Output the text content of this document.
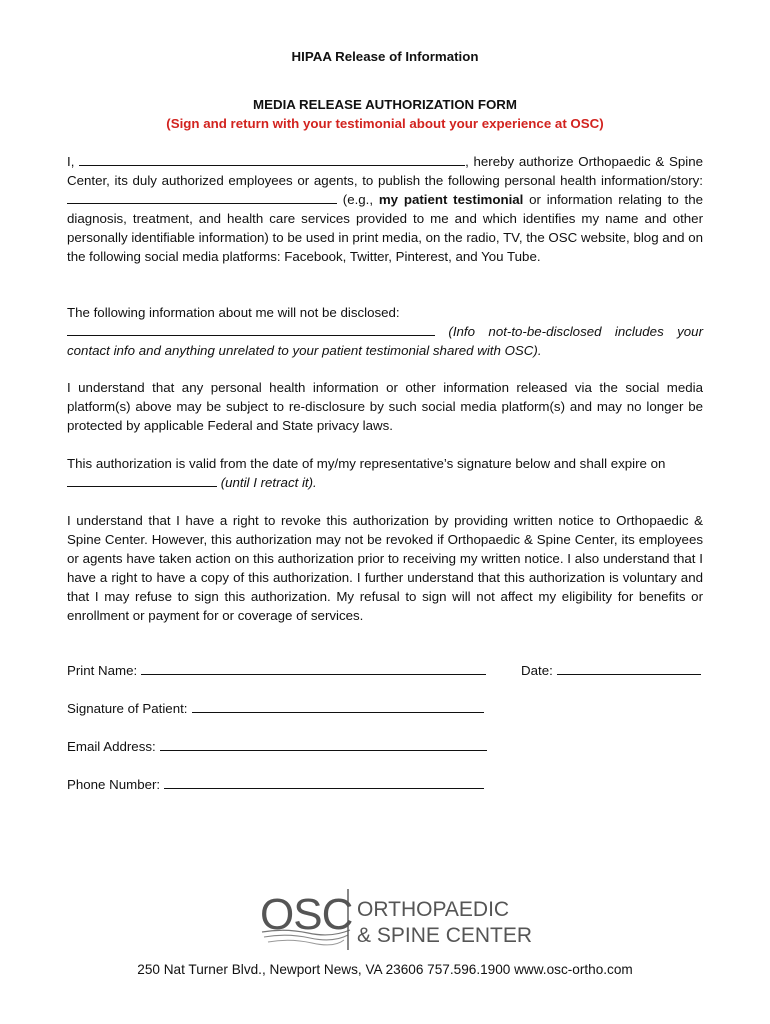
HIPAA Release of Information
MEDIA RELEASE AUTHORIZATION FORM
(Sign and return with your testimonial about your experience at OSC)

I,	, hereby authorize Orthopaedic & Spine Center, its duly authorized employees or agents, to publish the following personal health information/story: (e.g., my patient testimonial or information relating to the diagnosis, treatment, and health care services provided to me and which identifies my name and other personally identifiable information) to be used in print media, on the radio, TV, the OSC website, blog and on the following social media platforms: Facebook, Twitter, Pinterest, and You Tube.

The following information about me will not be disclosed:
(Info not-to-be-disclosed includes your contact info and anything unrelated to your patient testimonial shared with OSC).

I understand that any personal health information or other information released via the social media platform(s) above may be subject to re-disclosure by such social media platform(s) and may no longer be protected by applicable Federal and State privacy laws.

This authorization is valid from the date of my/my representative’s signature below and shall expire on
(until I retract it).

I understand that I have a right to revoke this authorization by providing written notice to Orthopaedic & Spine Center. However, this authorization may not be revoked if Orthopaedic & Spine Center, its employees or agents have taken action on this authorization prior to receiving my written notice. I also understand that I have a right to have a copy of this authorization. I further understand that this authorization is voluntary and that I may refuse to sign this authorization. My refusal to sign will not affect my eligibility for benefits or enrollment or payment for or coverage of services.

Print Name:	Date:
Signature of Patient:
Email Address:
Phone Number:
OSC ORTHOPAEDIC
& SPINE CENTER
250 Nat Turner Blvd., Newport News, VA 23606 757.596.1900 www.osc-ortho.com
